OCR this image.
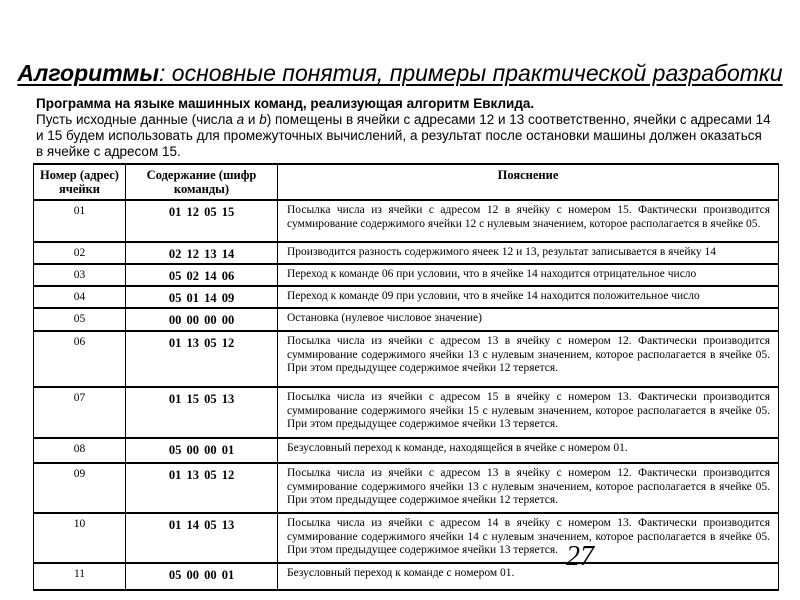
Алгоритмы: основные понятия, примеры практической разработки

Программа на языке машинных команд, реализующая алгоритм Евклида.
Пусть исходные данные (числа a и b) помещены в ячейки с адресами 12 и 13 соответственно, ячейки с адресами 14 и 15 будем использовать для промежуточных вычислений, а результат после остановки машины должен оказаться в ячейке с адресом 15.

Номер (адрес) ячейки	Содержание (шифр команды)	Пояснение
01	01 12 05 15	Посылка числа из ячейки с адресом 12 в ячейку с номером 15. Фактически производится суммирование содержимого ячейки 12 с нулевым значением, которое располагается в ячейке 05.
02	02 12 13 14	Производится разность содержимого ячеек 12 и 13, результат записывается в ячейку 14
03	05 02 14 06	Переход к команде 06 при условии, что в ячейке 14 находится отрицательное число
04	05 01 14 09	Переход к команде 09 при условии, что в ячейке 14 находится положительное число
05	00 00 00 00	Остановка (нулевое числовое значение)
06	01 13 05 12	Посылка числа из ячейки с адресом 13 в ячейку с номером 12. Фактически производится суммирование содержимого ячейки 13 с нулевым значением, которое располагается в ячейке 05. При этом предыдущее содержимое ячейки 12 теряется.
07	01 15 05 13	Посылка числа из ячейки с адресом 15 в ячейку с номером 13. Фактически производится суммирование содержимого ячейки 15 с нулевым значением, которое располагается в ячейке 05. При этом предыдущее содержимое ячейки 13 теряется.
08	05 00 00 01	Безусловный переход к команде, находящейся в ячейке с номером 01.
09	01 13 05 12	Посылка числа из ячейки с адресом 13 в ячейку с номером 12. Фактически производится суммирование содержимого ячейки 13 с нулевым значением, которое располагается в ячейке 05. При этом предыдущее содержимое ячейки 12 теряется.
10	01 14 05 13	Посылка числа из ячейки с адресом 14 в ячейку с номером 13. Фактически производится суммирование содержимого ячейки 14 с нулевым значением, которое располагается в ячейке 05. При этом предыдущее содержимое ячейки 13 теряется.
11	05 00 00 01	Безусловный переход к команде с номером 01.
27
